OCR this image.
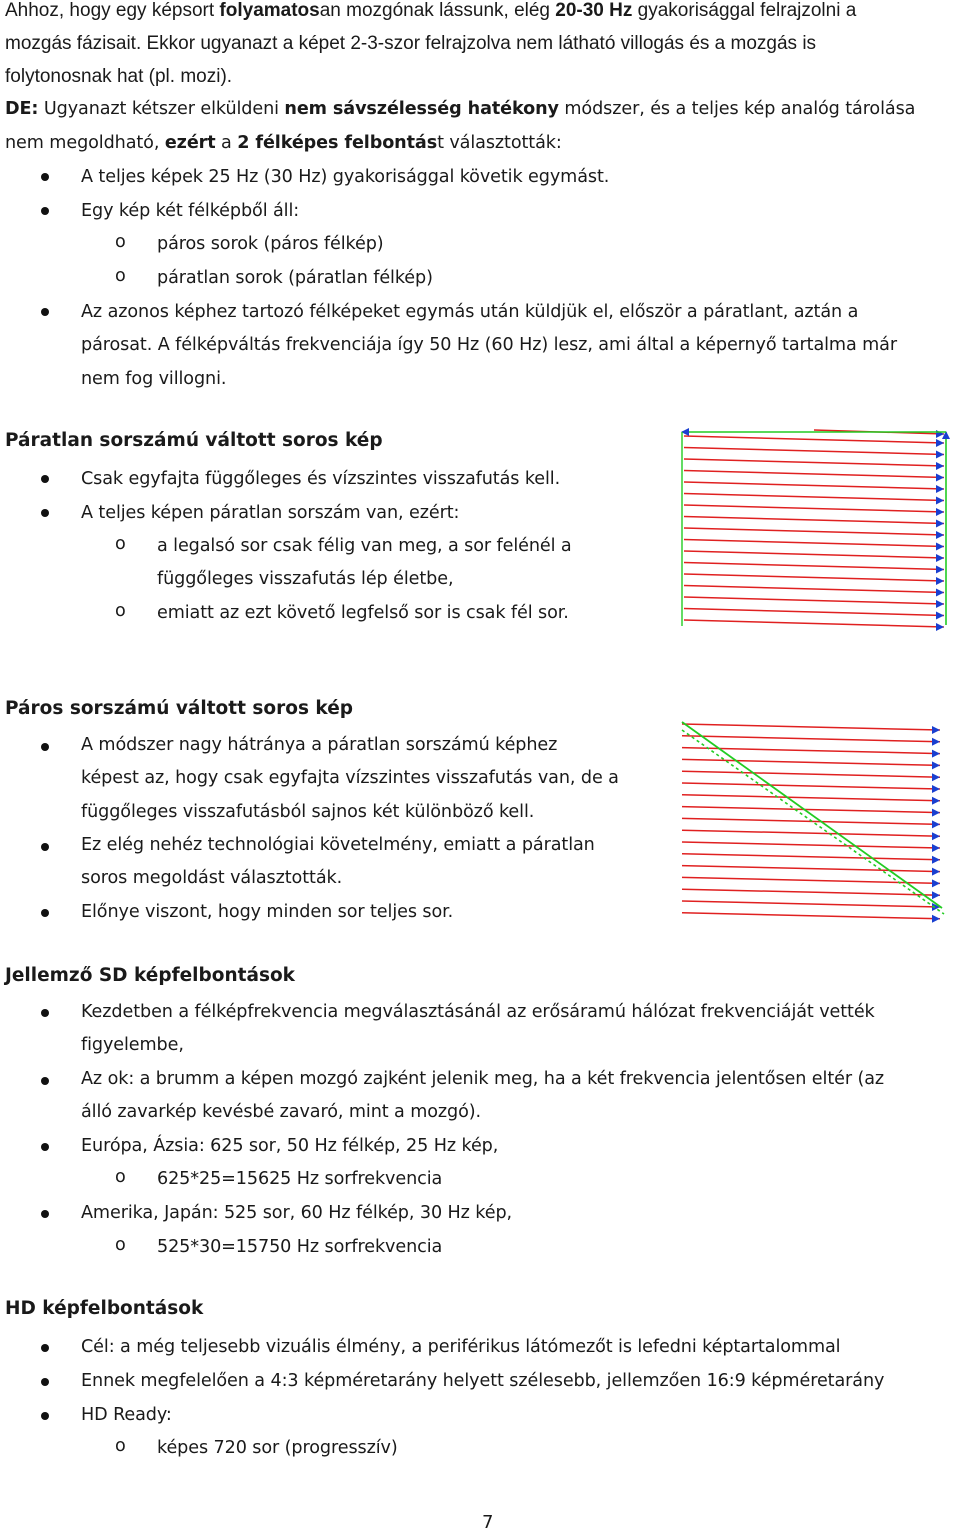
Ahhoz, hogy egy képsort folyamatosan mozgónak lássunk, elég 20-30 Hz gyakorisággal felrajzolni a
mozgás fázisait. Ekkor ugyanazt a képet 2-3-szor felrajzolva nem látható villogás és a mozgás is
folytonosnak hat (pl. mozi).
DE: Ugyanazt kétszer elküldeni nem sávszélesség hatékony módszer, és a teljes kép analóg tárolása
nem megoldható, ezért a 2 félképes felbontást választották:
A teljes képek 25 Hz (30 Hz) gyakorisággal követik egymást.
Egy kép két félképből áll:
o páros sorok (páros félkép)
o páratlan sorok (páratlan félkép)
Az azonos képhez tartozó félképeket egymás után küldjük el, először a páratlant, aztán a
párosat. A félképváltás frekvenciája így 50 Hz (60 Hz) lesz, ami által a képernyő tartalma már
nem fog villogni.
Páratlan sorszámú váltott soros kép
Csak egyfajta függőleges és vízszintes visszafutás kell.
A teljes képen páratlan sorszám van, ezért:
o a legalsó sor csak félig van meg, a sor felénél a
függőleges visszafutás lép életbe,
o emiatt az ezt követő legfelső sor is csak fél sor.
Páros sorszámú váltott soros kép
A módszer nagy hátránya a páratlan sorszámú képhez
képest az, hogy csak egyfajta vízszintes visszafutás van, de a
függőleges visszafutásból sajnos két különböző kell.
Ez elég nehéz technológiai követelmény, emiatt a páratlan
soros megoldást választották.
Előnye viszont, hogy minden sor teljes sor.
Jellemző SD képfelbontások
Kezdetben a félképfrekvencia megválasztásánál az erősáramú hálózat frekvenciáját vették
figyelembe,
Az ok: a brumm a képen mozgó zajként jelenik meg, ha a két frekvencia jelentősen eltér (az
álló zavarkép kevésbé zavaró, mint a mozgó).
Európa, Ázsia: 625 sor, 50 Hz félkép, 25 Hz kép,
o 625*25=15625 Hz sorfrekvencia
Amerika, Japán: 525 sor, 60 Hz félkép, 30 Hz kép,
o 525*30=15750 Hz sorfrekvencia
HD képfelbontások
Cél: a még teljesebb vizuális élmény, a periférikus látómezőt is lefedni képtartalommal
Ennek megfelelően a 4:3 képméretarány helyett szélesebb, jellemzően 16:9 képméretarány
HD Ready:
o képes 720 sor (progresszív)
7
